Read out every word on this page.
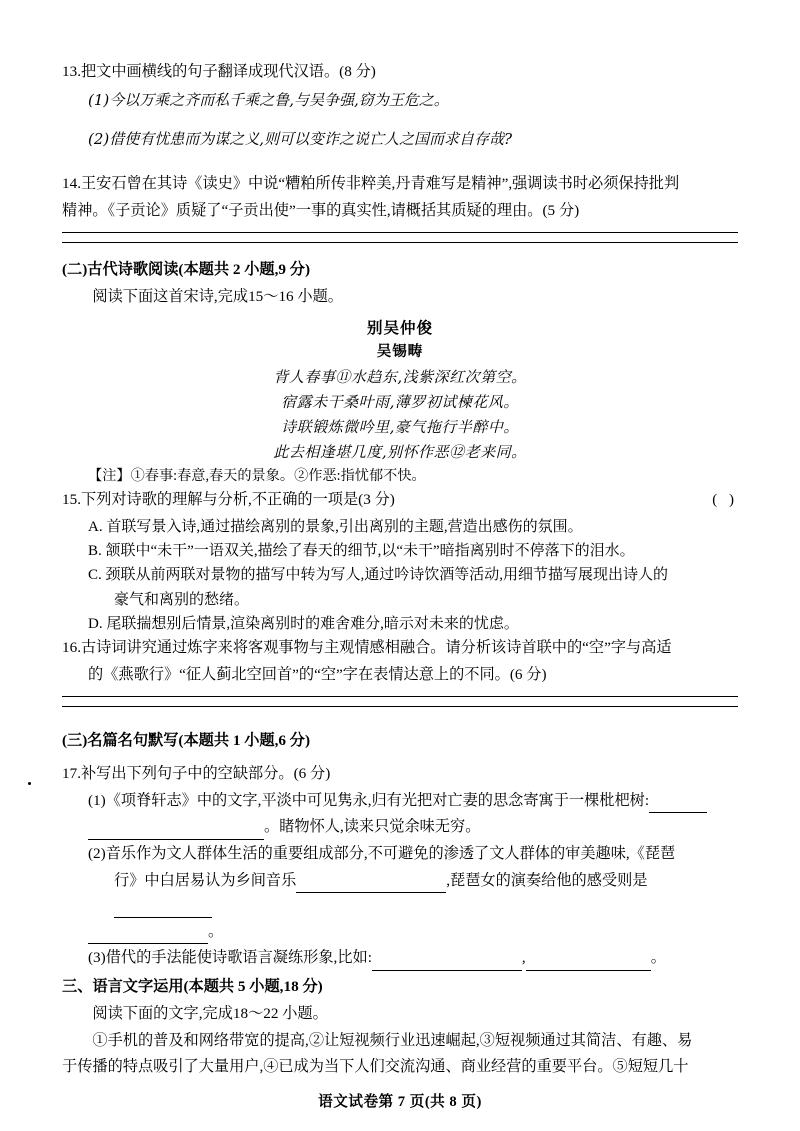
13.把文中画横线的句子翻译成现代汉语。(8 分)
(1)今以万乘之齐而私千乘之鲁,与吴争强,窃为王危之。
(2)借使有忧患而为谋之义,则可以变诈之说亡人之国而求自存哉?
14.王安石曾在其诗《读史》中说“糟粕所传非粹美,丹青难写是精神”,强调读书时必须保持批判
精神。《子贡论》质疑了“子贡出使”一事的真实性,请概括其质疑的理由。(5 分)
(二)古代诗歌阅读(本题共 2 小题,9 分)
阅读下面这首宋诗,完成15～16 小题。
别吴仲俊
吴锡畴
背人春事⑪水趋东,浅紫深红次第空。
宿露未干桑叶雨,薄罗初试楝花风。
诗联锻炼微吟里,豪气拖行半醉中。
此去相逢堪几度,别怀作恶⑫老来同。
【注】①春事:春意,春天的景象。②作恶:指忧郁不快。
( )
15.下列对诗歌的理解与分析,不正确的一项是(3 分)
A. 首联写景入诗,通过描绘离别的景象,引出离别的主题,营造出感伤的氛围。
B. 颔联中“未干”一语双关,描绘了春天的细节,以“未干”暗指离别时不停落下的泪水。
C. 颈联从前两联对景物的描写中转为写人,通过吟诗饮酒等活动,用细节描写展现出诗人的
豪气和离别的愁绪。
D. 尾联揣想别后情景,渲染离别时的难舍难分,暗示对未来的忧虑。
16.古诗词讲究通过炼字来将客观事物与主观情感相融合。请分析该诗首联中的“空”字与高适
的《燕歌行》“征人蓟北空回首”的“空”字在表情达意上的不同。(6 分)
(三)名篇名句默写(本题共 1 小题,6 分)
17.补写出下列句子中的空缺部分。(6 分)
(1)《项脊轩志》中的文字,平淡中可见隽永,归有光把对亡妻的思念寄寓于一棵枇杷树:
。睹物怀人,读来只觉余味无穷。
(2)音乐作为文人群体生活的重要组成部分,不可避免的渗透了文人群体的审美趣味,《琵琶
行》中白居易认为乡间音乐	,琵琶女的演奏给他的感受则是
。
(3)借代的手法能使诗歌语言凝练形象,比如:	,	。
三、语言文字运用(本题共 5 小题,18 分)
阅读下面的文字,完成18～22 小题。
①手机的普及和网络带宽的提高,②让短视频行业迅速崛起,③短视频通过其简洁、有趣、易
于传播的特点吸引了大量用户,④已成为当下人们交流沟通、商业经营的重要平台。⑤短短几十
语文试卷第 7 页(共 8 页)
